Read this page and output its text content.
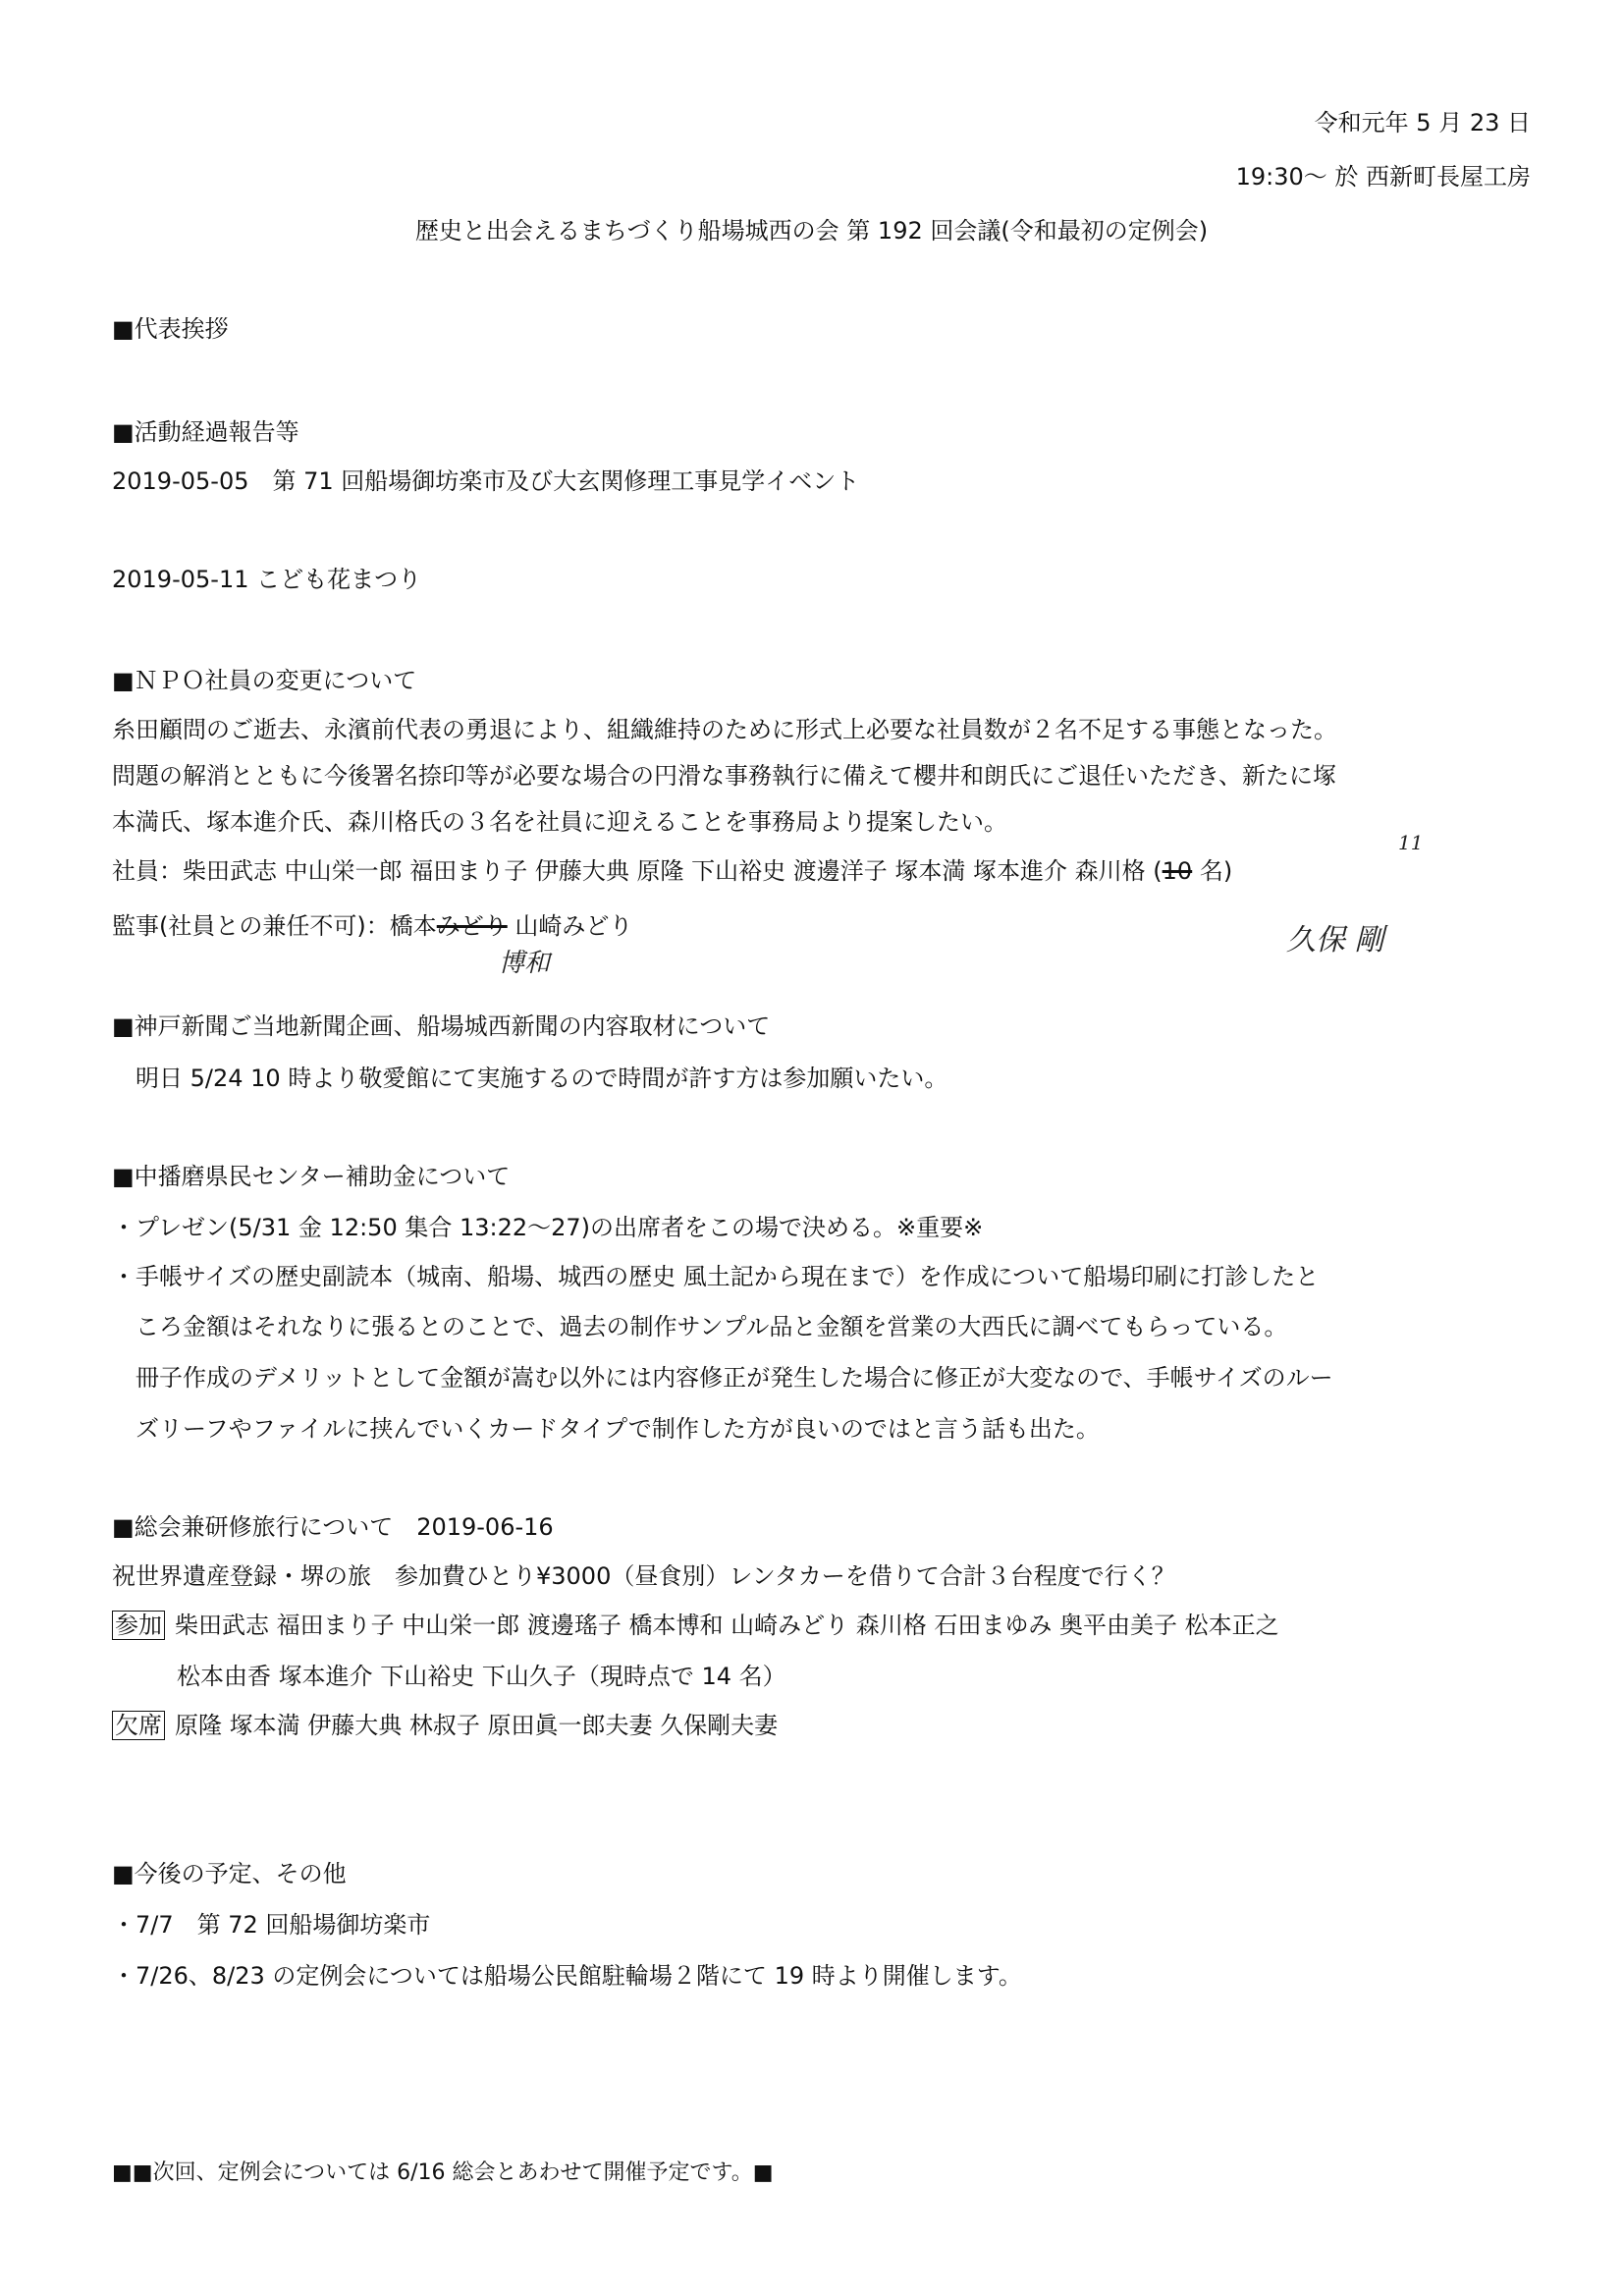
令和元年 5 月 23 日
19:30～ 於 西新町長屋工房
歴史と出会えるまちづくり船場城西の会 第 192 回会議(令和最初の定例会)
■代表挨拶
■活動経過報告等
2019-05-05　第 71 回船場御坊楽市及び大玄関修理工事見学イベント
2019-05-11 こども花まつり
■ＮＰＯ社員の変更について
糸田顧問のご逝去、永濱前代表の勇退により、組織維持のために形式上必要な社員数が２名不足する事態となった。
問題の解消とともに今後署名捺印等が必要な場合の円滑な事務執行に備えて櫻井和朗氏にご退任いただき、新たに塚
本満氏、塚本進介氏、森川格氏の３名を社員に迎えることを事務局より提案したい。
社員：柴田武志 中山栄一郎 福田まり子 伊藤大典 原隆 下山裕史 渡邊洋子 塚本満 塚本進介 森川格 (10 名)
11
監事(社員との兼任不可)：橋本みどり 山崎みどり
博和
久保 剛
■神戸新聞ご当地新聞企画、船場城西新聞の内容取材について
明日 5/24 10 時より敬愛館にて実施するので時間が許す方は参加願いたい。
■中播磨県民センター補助金について
・プレゼン(5/31 金 12:50 集合 13:22～27)の出席者をこの場で決める。※重要※
・手帳サイズの歴史副読本（城南、船場、城西の歴史 風土記から現在まで）を作成について船場印刷に打診したと
ころ金額はそれなりに張るとのことで、過去の制作サンプル品と金額を営業の大西氏に調べてもらっている。
冊子作成のデメリットとして金額が嵩む以外には内容修正が発生した場合に修正が大変なので、手帳サイズのルー
ズリーフやファイルに挟んでいくカードタイプで制作した方が良いのではと言う話も出た。
■総会兼研修旅行について　2019-06-16
祝世界遺産登録・堺の旅　参加費ひとり¥3000（昼食別）レンタカーを借りて合計３台程度で行く？
参加 柴田武志 福田まり子 中山栄一郎 渡邊瑤子 橋本博和 山崎みどり 森川格 石田まゆみ 奥平由美子 松本正之
松本由香 塚本進介 下山裕史 下山久子（現時点で 14 名）
欠席 原隆 塚本満 伊藤大典 林叔子 原田眞一郎夫妻 久保剛夫妻
■今後の予定、その他
・7/7　第 72 回船場御坊楽市
・7/26、8/23 の定例会については船場公民館駐輪場２階にて 19 時より開催します。
■■次回、定例会については 6/16 総会とあわせて開催予定です。■
